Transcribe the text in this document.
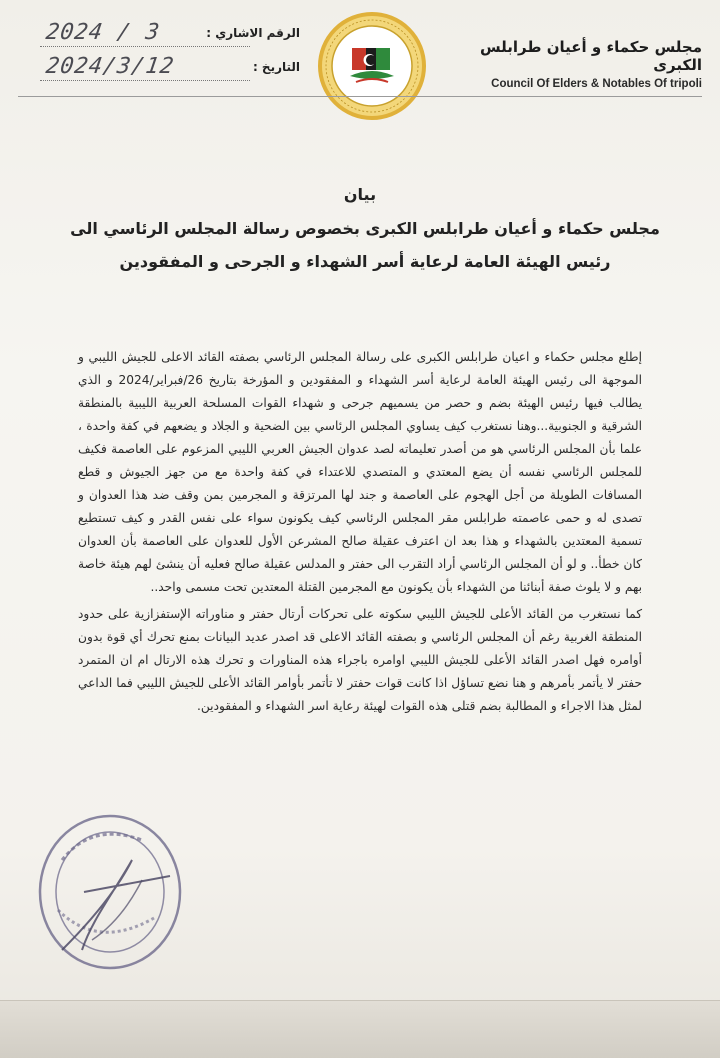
مجلس حكماء و أعيان طرابلس الكبرى
Council Of Elders & Notables Of tripoli
الرقم الاشاري :
2024 / 3
التاريخ :
2024/3/12
بيان
مجلس حكماء و أعيان طرابلس الكبرى بخصوص رسالة المجلس الرئاسي الى
رئيس الهيئة العامة لرعاية أسر الشهداء و الجرحى و المفقودين

إطلع مجلس حكماء و اعيان طرابلس الكبرى على رسالة المجلس الرئاسي بصفته القائد الاعلى للجيش الليبي و الموجهة الى رئيس الهيئة العامة لرعاية أسر الشهداء و المفقودين و المؤرخة بتاريخ 26/فبراير/2024 و الذي يطالب فيها رئيس الهيئة بضم و حصر من يسميهم جرحى و شهداء القوات المسلحة العربية الليبية بالمنطقة الشرقية و الجنوبية...وهنا نستغرب كيف يساوي المجلس الرئاسي بين الضحية و الجلاد و يضعهم في كفة واحدة ، علما بأن المجلس الرئاسي هو من أصدر تعليماته لصد عدوان الجيش العربي الليبي المزعوم على العاصمة فكيف للمجلس الرئاسي نفسه أن يضع المعتدي و المتصدي للاعتداء في كفة واحدة مع من جهز الجيوش و قطع المسافات الطويلة من أجل الهجوم على العاصمة و جند لها المرتزقة و المجرمين بمن وقف ضد هذا العدوان و تصدى له و حمى عاصمته طرابلس مقر المجلس الرئاسي كيف يكونون سواء على نفس القدر و كيف تستطيع تسمية المعتدين بالشهداء و هذا بعد ان اعترف عقيلة صالح المشرعن الأول للعدوان على العاصمة بأن العدوان كان خطأ.. و لو أن المجلس الرئاسي أراد التقرب الى حفتر و المدلس عقيلة صالح فعليه أن ينشئ لهم هيئة خاصة بهم و لا يلوث صفة أبنائنا من الشهداء بأن يكونون مع المجرمين القتلة المعتدين تحت مسمى واحد..

كما نستغرب من القائد الأعلى للجيش الليبي سكوته على تحركات أرتال حفتر و مناوراته الإستفزازية على حدود المنطقة الغربية رغم أن المجلس الرئاسي و بصفته القائد الاعلى قد اصدر عديد البيانات بمنع تحرك أي قوة بدون أوامره فهل اصدر القائد الأعلى للجيش الليبي اوامره باجراء هذه المناورات و تحرك هذه الارتال ام ان المتمرد حفتر لا يأتمر بأمرهم و هنا نضع تساؤل اذا كانت قوات حفتر لا تأتمر بأوامر القائد الأعلى للجيش الليبي فما الداعي لمثل هذا الاجراء و المطالبة بضم قتلى هذه القوات لهيئة رعاية اسر الشهداء و المفقودين.
